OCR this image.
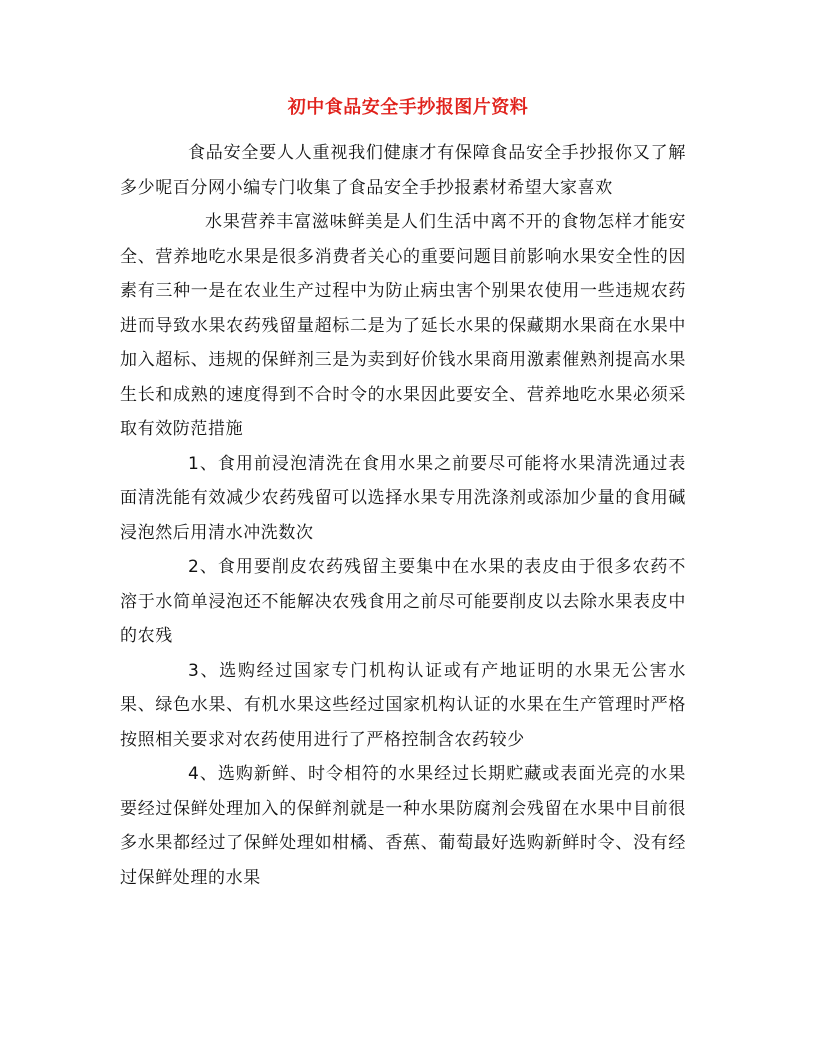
初中食品安全手抄报图片资料

食品安全要人人重视我们健康才有保障食品安全手抄报你又了解多少呢百分网小编专门收集了食品安全手抄报素材希望大家喜欢

水果营养丰富滋味鲜美是人们生活中离不开的食物怎样才能安全、营养地吃水果是很多消费者关心的重要问题目前影响水果安全性的因素有三种一是在农业生产过程中为防止病虫害个别果农使用一些违规农药进而导致水果农药残留量超标二是为了延长水果的保藏期水果商在水果中加入超标、违规的保鲜剂三是为卖到好价钱水果商用激素催熟剂提高水果生长和成熟的速度得到不合时令的水果因此要安全、营养地吃水果必须采取有效防范措施

1、食用前浸泡清洗在食用水果之前要尽可能将水果清洗通过表面清洗能有效减少农药残留可以选择水果专用洗涤剂或添加少量的食用碱浸泡然后用清水冲洗数次

2、食用要削皮农药残留主要集中在水果的表皮由于很多农药不溶于水简单浸泡还不能解决农残食用之前尽可能要削皮以去除水果表皮中的农残

3、选购经过国家专门机构认证或有产地证明的水果无公害水果、绿色水果、有机水果这些经过国家机构认证的水果在生产管理时严格按照相关要求对农药使用进行了严格控制含农药较少

4、选购新鲜、时令相符的水果经过长期贮藏或表面光亮的水果要经过保鲜处理加入的保鲜剂就是一种水果防腐剂会残留在水果中目前很多水果都经过了保鲜处理如柑橘、香蕉、葡萄最好选购新鲜时令、没有经过保鲜处理的水果
